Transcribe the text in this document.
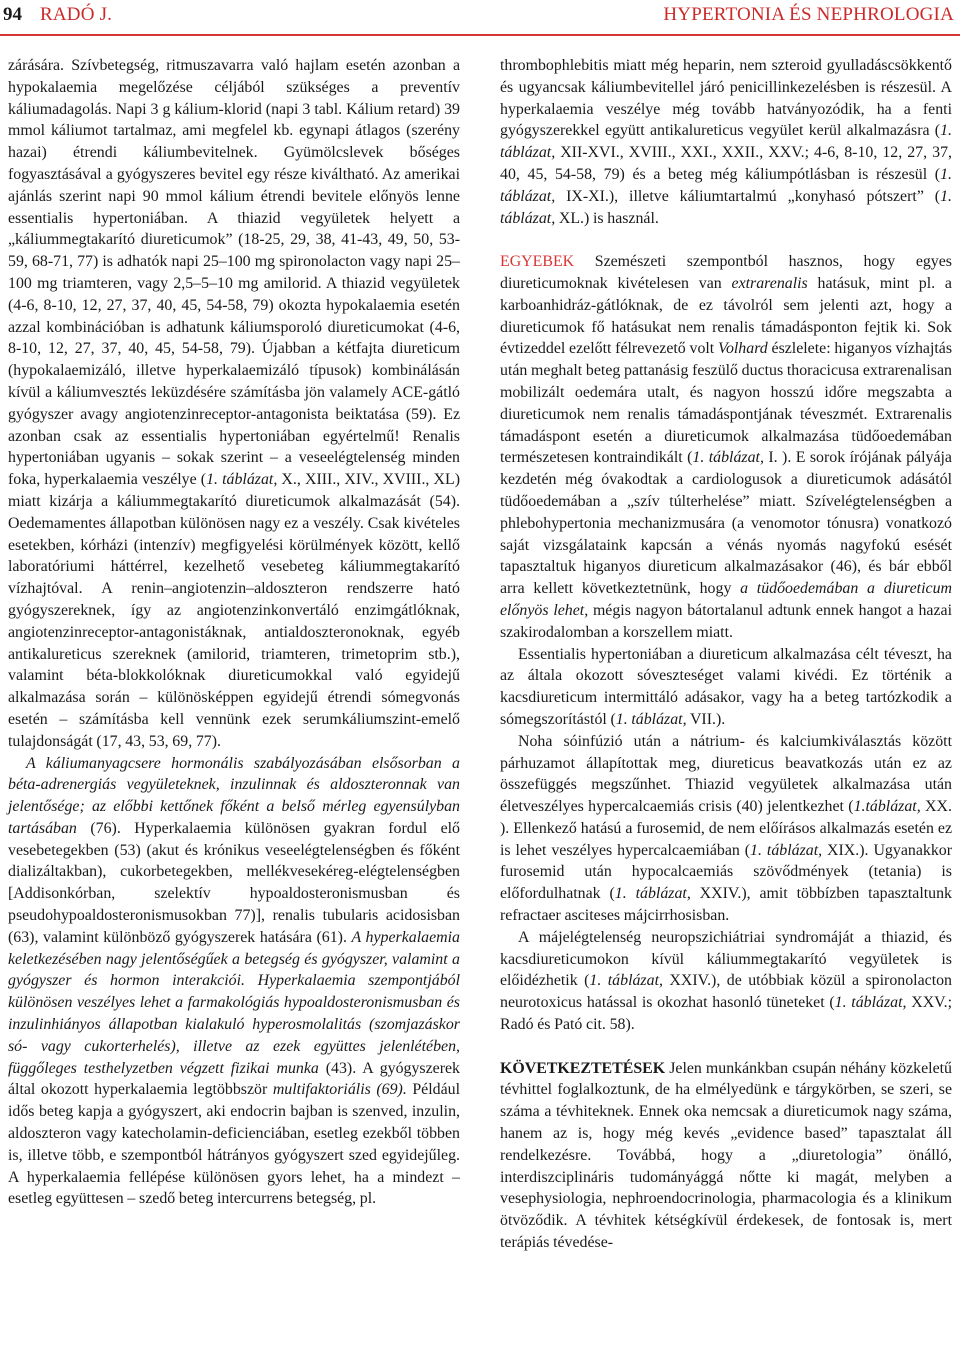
94 RADÓ J.	HYPERTONIA ÉS NEPHROLOGIA

zárására. Szívbetegség, ritmuszavarra való hajlam esetén azonban a hypokalaemia megelőzése céljából szükséges a preventív káliumadagolás. Napi 3 g kálium-klorid (napi 3 tabl. Kálium retard) 39 mmol káliumot tartalmaz, ami megfelel kb. egynapi átlagos (szerény hazai) étrendi káliumbevitelnek. Gyümölcslevek bőséges fogyasztásával a gyógyszeres bevitel egy része kiváltható. Az amerikai ajánlás szerint napi 90 mmol kálium étrendi bevitele előnyös lenne essentialis hypertoniában. A thiazid vegyületek helyett a „káliummegtakarító diureticumok” (18-25, 29, 38, 41-43, 49, 50, 53-59, 68-71, 77) is adhatók napi 25–100 mg spironolacton vagy napi 25–100 mg triamteren, vagy 2,5–5–10 mg amilorid. A thiazid vegyületek (4-6, 8-10, 12, 27, 37, 40, 45, 54-58, 79) okozta hypokalaemia esetén azzal kombinációban is adhatunk káliumsporoló diureticumokat (4-6, 8-10, 12, 27, 37, 40, 45, 54-58, 79). Újabban a kétfajta diureticum (hypokalaemizáló, illetve hyperkalaemizáló típusok) kombinálásán kívül a káliumvesztés leküzdésére számításba jön valamely ACE-gátló gyógyszer avagy angiotenzinreceptor-antagonista beiktatása (59). Ez azonban csak az essentialis hypertoniában egyértelmű! Renalis hypertoniában ugyanis – sokak szerint – a veseelégtelenség minden foka, hyperkalaemia veszélye (1. táblázat, X., XIII., XIV., XVIII., XL) miatt kizárja a káliummegtakarító diureticumok alkalmazását (54). Oedemamentes állapotban különösen nagy ez a veszély. Csak kivételes esetekben, kórházi (intenzív) megfigyelési körülmények között, kellő laboratóriumi háttérrel, kezelhető vesebeteg káliummegtakarító vízhajtóval. A renin–angiotenzin–aldoszteron rendszerre ható gyógyszereknek, így az angiotenzinkonvertáló enzimgátlóknak, angiotenzinreceptor-antagonistáknak, antialdoszteronoknak, egyéb antikalureticus szereknek (amilorid, triamteren, trimetoprim stb.), valamint béta-blokkolóknak diureticumokkal való egyidejű alkalmazása során – különösképpen egyidejű étrendi sómegvonás esetén – számításba kell vennünk ezek serumkáliumszint-emelő tulajdonságát (17, 43, 53, 69, 77).

A káliumanyagcsere hormonális szabályozásában elsősorban a béta-adrenergiás vegyületeknek, inzulinnak és aldoszteronnak van jelentősége; az előbbi kettőnek főként a belső mérleg egyensúlyban tartásában (76). Hyperkalaemia különösen gyakran fordul elő vesebetegekben (53) (akut és krónikus veseelégtelenségben és főként dializáltakban), cukorbetegekben, mellékvesekéreg-elégtelenségben [Addisonkórban, szelektív hypoaldosteronismusban és pseudohypoaldosteronismusokban 77)], renalis tubularis acidosisban (63), valamint különböző gyógyszerek hatására (61). A hyperkalaemia keletkezésében nagy jelentőségűek a betegség és gyógyszer, valamint a gyógyszer és hormon interakciói. Hyperkalaemia szempontjából különösen veszélyes lehet a farmakológiás hypoaldosteronismusban és inzulinhiányos állapotban kialakuló hyperosmolalitás (szomjazáskor só- vagy cukorterhelés), illetve az ezek együttes jelenlétében, függőleges testhelyzetben végzett fizikai munka (43). A gyógyszerek által okozott hyperkalaemia legtöbbször multifaktoriális (69). Például idős beteg kapja a gyógyszert, aki endocrin bajban is szenved, inzulin, aldoszteron vagy katecholamin-deficienciában, esetleg ezekből többen is, illetve több, e szempontból hátrányos gyógyszert szed egyidejűleg. A hyperkalaemia fellépése különösen gyors lehet, ha a mindezt – esetleg együttesen – szedő beteg intercurrens betegség, pl.

thrombophlebitis miatt még heparin, nem szteroid gyulladáscsökkentő és ugyancsak káliumbevitellel járó penicillinkezelésben is részesül. A hyperkalaemia veszélye még tovább hatványozódik, ha a fenti gyógyszerekkel együtt antikalureticus vegyület kerül alkalmazásra (1. táblázat, XII-XVI., XVIII., XXI., XXII., XXV.; 4-6, 8-10, 12, 27, 37, 40, 45, 54-58, 79) és a beteg még káliumpótlásban is részesül (1. táblázat, IX-XI.), illetve káliumtartalmú „konyhasó pótszert” (1. táblázat, XL.) is használ.

EGYEBEK Szemészeti szempontból hasznos, hogy egyes diureticumoknak kivételesen van extrarenalis hatásuk, mint pl. a karboanhidráz-gátlóknak, de ez távolról sem jelenti azt, hogy a diureticumok fő hatásukat nem renalis támadásponton fejtik ki. Sok évtizeddel ezelőtt félrevezető volt Volhard észlelete: higanyos vízhajtás után meghalt beteg pattanásig feszülő ductus thoracicusa extrarenalisan mobilizált oedemára utalt, és nagyon hosszú időre megszabta a diureticumok nem renalis támadáspontjának téveszmét. Extrarenalis támadáspont esetén a diureticumok alkalmazása tüdőoedemában természetesen kontraindikált (1. táblázat, I. ). E sorok írójának pályája kezdetén még óvakodtak a cardiologusok a diureticumok adásától tüdőoedemában a „szív túlterhelése” miatt. Szívelégtelenségben a phlebohypertonia mechanizmusára (a venomotor tónusra) vonatkozó saját vizsgálataink kapcsán a vénás nyomás nagyfokú esését tapasztaltuk higanyos diureticum alkalmazásakor (46), és bár ebből arra kellett következtetnünk, hogy a tüdőoedemában a diureticum előnyös lehet, mégis nagyon bátortalanul adtunk ennek hangot a hazai szakirodalomban a korszellem miatt.

Essentialis hypertoniában a diureticum alkalmazása célt téveszt, ha az általa okozott sóveszteséget valami kivédi. Ez történik a kacsdiureticum intermittáló adásakor, vagy ha a beteg tartózkodik a sómegszorítástól (1. táblázat, VII.).

Noha sóinfúzió után a nátrium- és kalciumkiválasztás között párhuzamot állapítottak meg, diureticus beavatkozás után ez az összefüggés megszűnhet. Thiazid vegyületek alkalmazása után életveszélyes hypercalcaemiás crisis (40) jelentkezhet (1.táblázat, XX. ). Ellenkező hatású a furosemid, de nem előírásos alkalmazás esetén ez is lehet veszélyes hypercalcaemiában (1. táblázat, XIX.). Ugyanakkor furosemid után hypocalcaemiás szövődmények (tetania) is előfordulhatnak (1. táblázat, XXIV.), amit többízben tapasztaltunk refractaer asciteses májcirrhosisban.

A májelégtelenség neuropszichiátriai syndromáját a thiazid, és kacsdiureticumokon kívül káliummegtakarító vegyületek is előidézhetik (1. táblázat, XXIV.), de utóbbiak közül a spironolacton neurotoxicus hatással is okozhat hasonló tüneteket (1. táblázat, XXV.; Radó és Pató cit. 58).

KÖVETKEZTETÉSEK Jelen munkánkban csupán néhány közkeletű tévhittel foglalkoztunk, de ha elmélyedünk e tárgykörben, se szeri, se száma a tévhiteknek. Ennek oka nemcsak a diureticumok nagy száma, hanem az is, hogy még kevés „evidence based” tapasztalat áll rendelkezésre. Továbbá, hogy a „diuretologia” önálló, interdiszciplináris tudományággá nőtte ki magát, melyben a vesephysiologia, nephroendocrinologia, pharmacologia és a klinikum ötvöződik. A tévhitek kétségkívül érdekesek, de fontosak is, mert terápiás tévedése-
